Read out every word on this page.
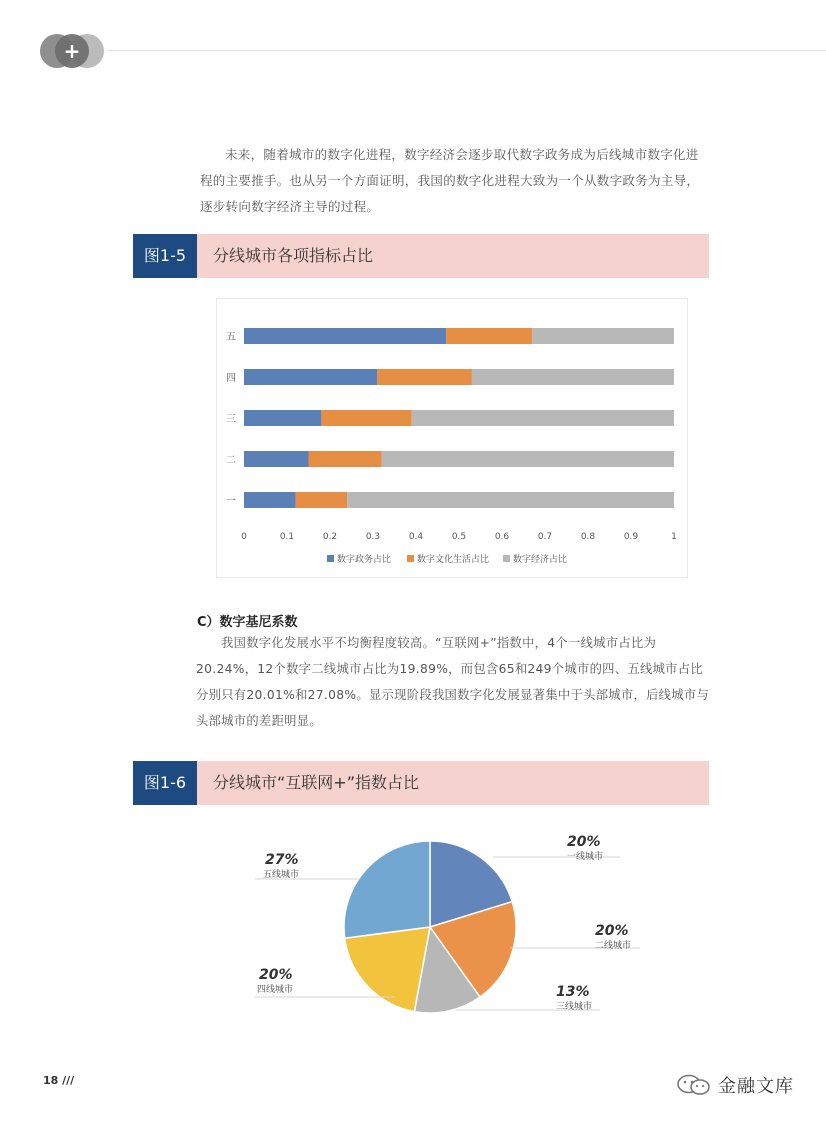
+

未来，随着城市的数字化进程，数字经济会逐步取代数字政务成为后线城市数字化进程的主要推手。也从另一个方面证明，我国的数字化进程大致为一个从数字政务为主导，逐步转向数字经济主导的过程。

图1-5	分线城市各项指标占比
一
二
三
四
五
0	0.1	0.2	0.3	0.4	0.5	0.6	0.7	0.8	0.9	1
数字政务占比	数字文化生活占比	数字经济占比
C）数字基尼系数

我国数字化发展水平不均衡程度较高。“互联网+”指数中，4个一线城市占比为20.24%，12个数字二线城市占比为19.89%，而包含65和249个城市的四、五线城市占比分别只有20.01%和27.08%。显示现阶段我国数字化发展显著集中于头部城市，后线城市与头部城市的差距明显。

图1-6	分线城市“互联网+”指数占比
20%
一线城市
20%
二线城市
13%
三线城市
20%
四线城市
27%
五线城市
18 ///	金融文库
